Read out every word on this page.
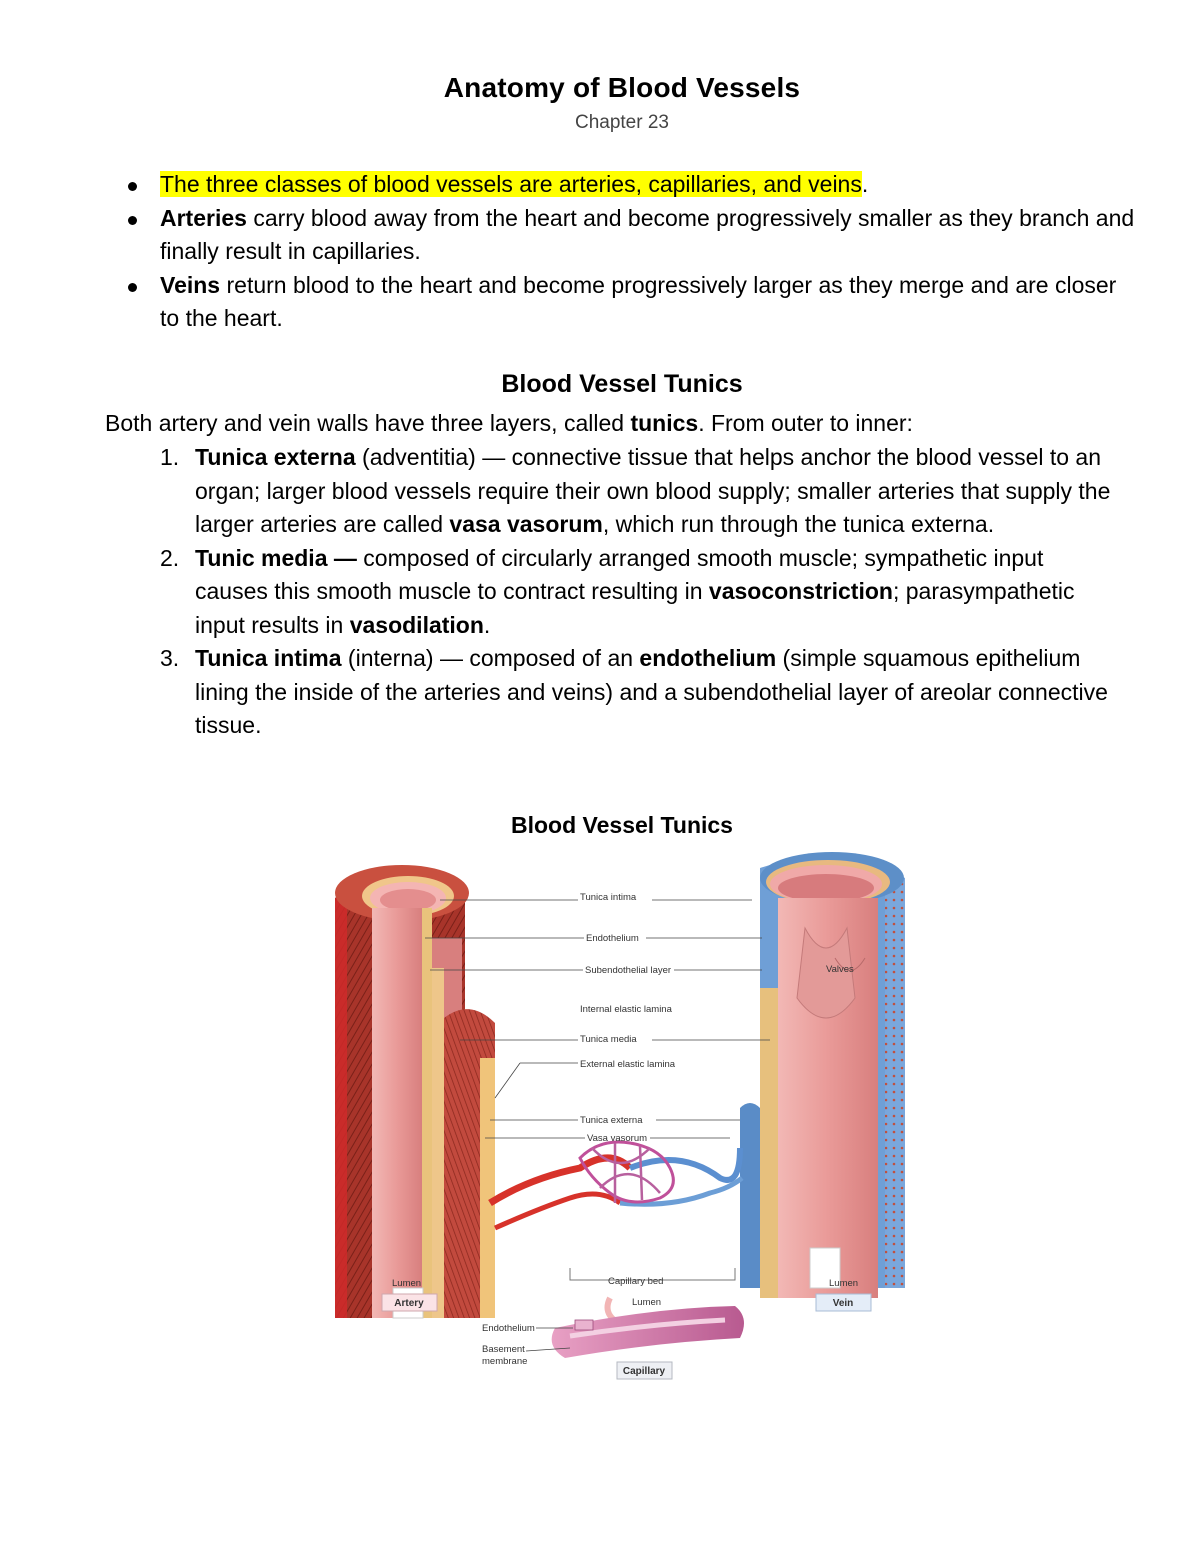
Anatomy of Blood Vessels
Chapter 23
The three classes of blood vessels are arteries, capillaries, and veins.
Arteries carry blood away from the heart and become progressively smaller as they branch and finally result in capillaries.
Veins return blood to the heart and become progressively larger as they merge and are closer to the heart.
Blood Vessel Tunics

Both artery and vein walls have three layers, called tunics. From outer to inner:

1. Tunica externa (adventitia) — connective tissue that helps anchor the blood vessel to an organ; larger blood vessels require their own blood supply; smaller arteries that supply the larger arteries are called vasa vasorum, which run through the tunica externa.
2. Tunic media — composed of circularly arranged smooth muscle; sympathetic input causes this smooth muscle to contract resulting in vasoconstriction; parasympathetic input results in vasodilation.
3. Tunica intima (interna) — composed of an endothelium (simple squamous epithelium lining the inside of the arteries and veins) and a subendothelial layer of areolar connective tissue.
Blood Vessel Tunics
Tunica intima
Endothelium
Subendothelial layer
Internal elastic lamina
Tunica media
External elastic lamina
Tunica externa
Vasa vasorum
Valves
Capillary bed
Lumen	Lumen
Lumen
Endothelium
Basement
membrane
Artery	Vein
Capillary
